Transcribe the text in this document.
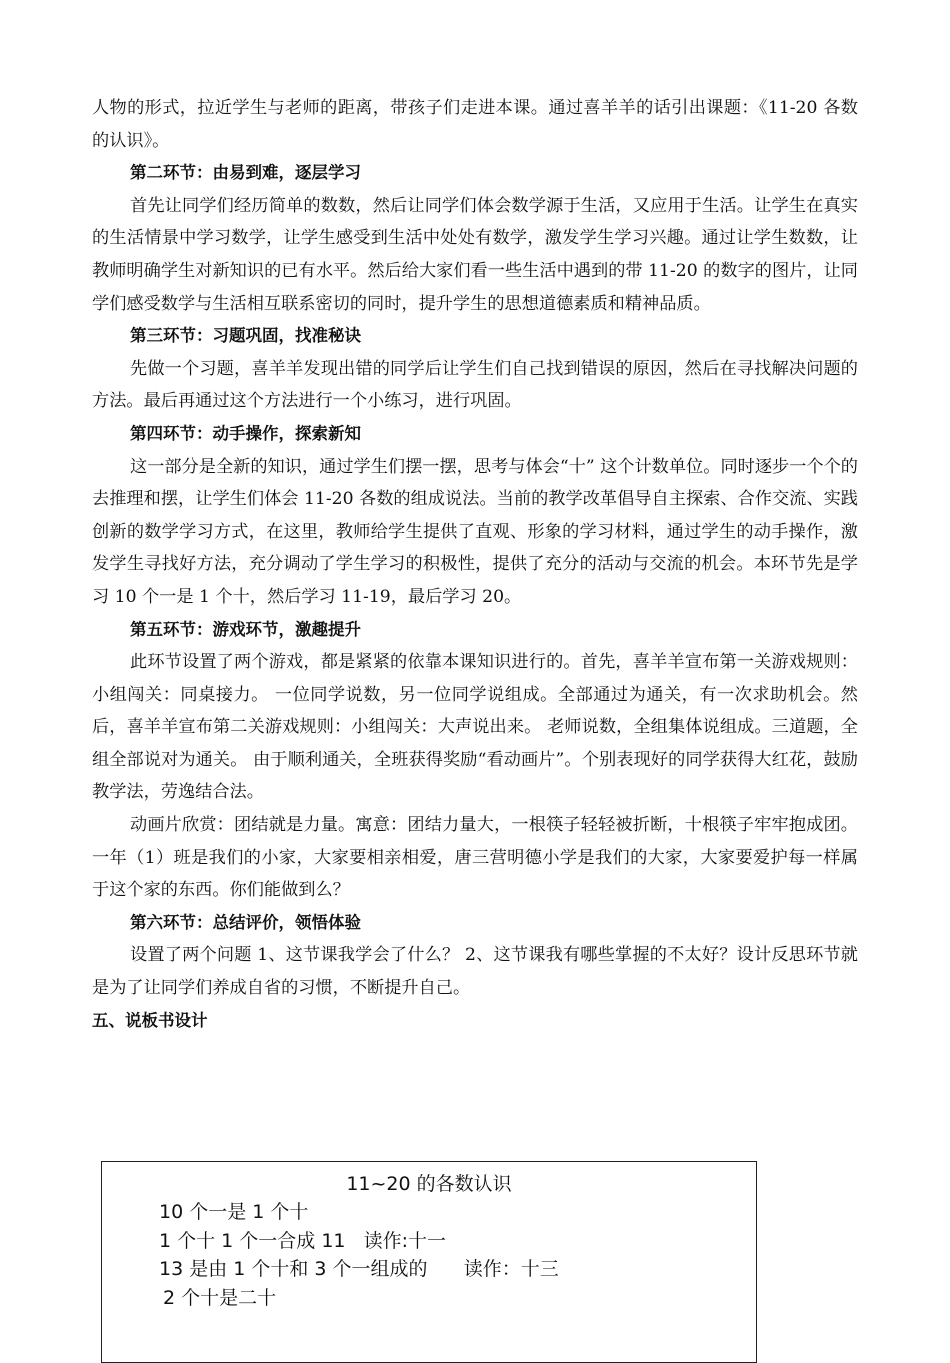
人物的形式，拉近学生与老师的距离，带孩子们走进本课。通过喜羊羊的话引出课题：《11-20 各数的认识》。

第二环节：由易到难，逐层学习

首先让同学们经历简单的数数，然后让同学们体会数学源于生活，又应用于生活。让学生在真实的生活情景中学习数学，让学生感受到生活中处处有数学，激发学生学习兴趣。通过让学生数数，让教师明确学生对新知识的已有水平。然后给大家们看一些生活中遇到的带 11-20 的数字的图片，让同学们感受数学与生活相互联系密切的同时，提升学生的思想道德素质和精神品质。

第三环节：习题巩固，找准秘诀

先做一个习题，喜羊羊发现出错的同学后让学生们自己找到错误的原因，然后在寻找解决问题的方法。最后再通过这个方法进行一个小练习，进行巩固。

第四环节：动手操作，探索新知

这一部分是全新的知识，通过学生们摆一摆，思考与体会“十” 这个计数单位。同时逐步一个个的去推理和摆，让学生们体会 11-20 各数的组成说法。当前的教学改革倡导自主探索、合作交流、实践创新的数学学习方式，在这里，教师给学生提供了直观、形象的学习材料，通过学生的动手操作，激发学生寻找好方法，充分调动了学生学习的积极性，提供了充分的活动与交流的机会。本环节先是学习 10 个一是 1 个十，然后学习 11-19，最后学习 20。

第五环节：游戏环节，激趣提升

此环节设置了两个游戏，都是紧紧的依靠本课知识进行的。首先，喜羊羊宣布第一关游戏规则：小组闯关：同桌接力。 一位同学说数，另一位同学说组成。全部通过为通关，有一次求助机会。然后，喜羊羊宣布第二关游戏规则：小组闯关：大声说出来。 老师说数，全组集体说组成。三道题，全组全部说对为通关。 由于顺利通关，全班获得奖励“看动画片”。个别表现好的同学获得大红花，鼓励教学法，劳逸结合法。

动画片欣赏：团结就是力量。寓意：团结力量大，一根筷子轻轻被折断，十根筷子牢牢抱成团。一年（1）班是我们的小家，大家要相亲相爱，唐三营明德小学是我们的大家，大家要爱护每一样属于这个家的东西。你们能做到么？

第六环节：总结评价，领悟体验

设置了两个问题 1、这节课我学会了什么？ 2、这节课我有哪些掌握的不太好？设计反思环节就是为了让同学们养成自省的习惯，不断提升自己。

五、说板书设计

11~20 的各数认识
10 个一是 1 个十
1 个十 1 个一合成 11   读作:十一
13 是由 1 个十和 3 个一组成的      读作：十三
2 个十是二十
